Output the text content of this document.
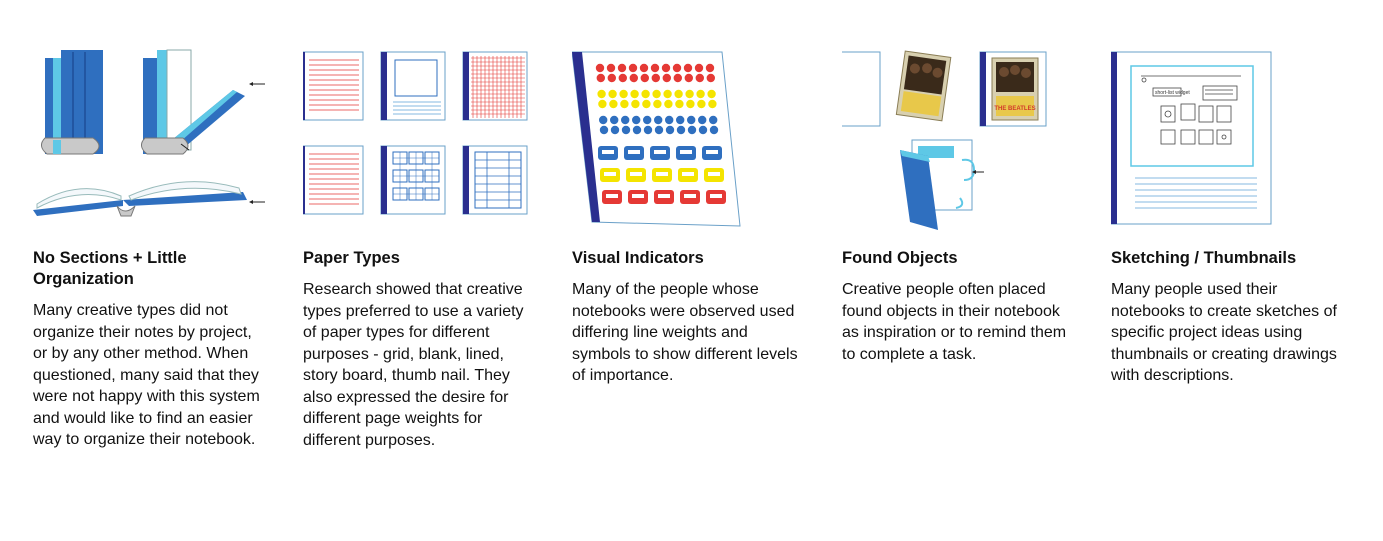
No Sections + Little Organization

Many creative types did not organize their notes by project, or by any other method. When questioned, many said that they were not happy with this system and would like to find an easier way to organize their notebook.

Paper Types

Research showed that creative types preferred to use a variety of paper types for different purposes - grid, blank, lined, story board, thumb nail. They also expressed the desire for different page weights for different purposes.

Visual Indicators

Many of the people whose notebooks were observed used differing line weights and symbols to show different levels of importance.

THE BEATLES
Found Objects

Creative people often placed found objects in their notebook as inspiration or to remind them to complete a task.

short-list widget
Sketching / Thumbnails

Many people used their notebooks to create sketches of specific project ideas using thumbnails or creating drawings with descriptions.
